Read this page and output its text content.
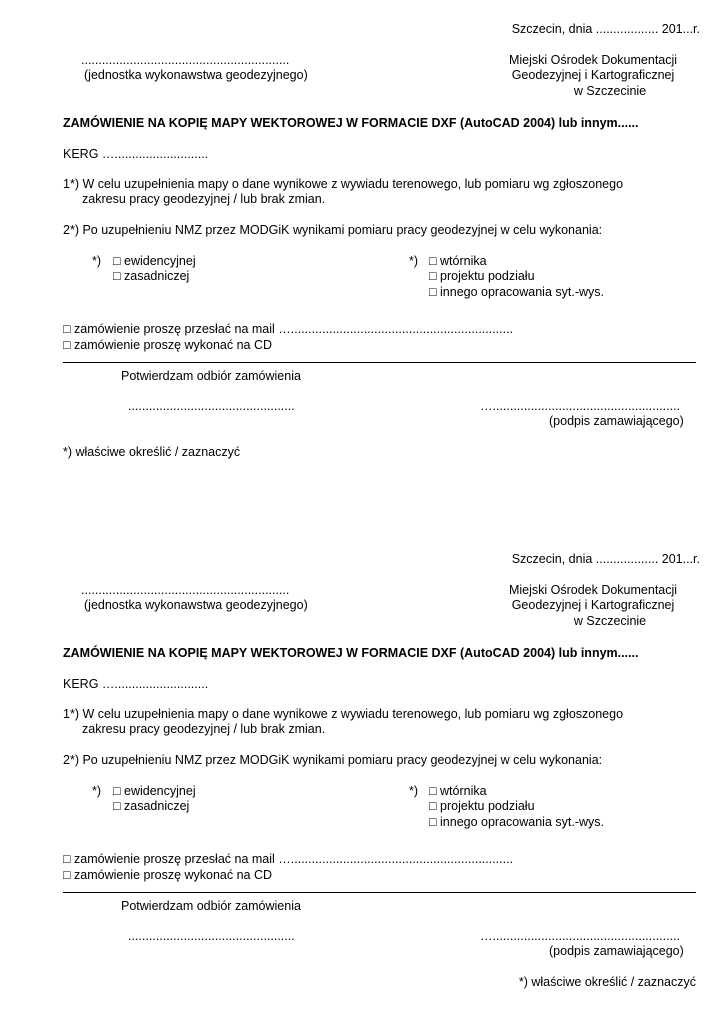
Szczecin, dnia .................. 201...r.
............................................................
(jednostka wykonawstwa geodezyjnego)
Miejski Ośrodek Dokumentacji
Geodezyjnej i Kartograficznej
w Szczecinie
ZAMÓWIENIE NA KOPIĘ MAPY WEKTOROWEJ W FORMACIE DXF (AutoCAD 2004) lub innym......
KERG …...........................
1*) W celu uzupełnienia mapy o dane wynikowe z wywiadu terenowego, lub pomiaru wg zgłoszonego
zakresu pracy geodezyjnej / lub brak zmian.
2*) Po uzupełnieniu NMZ przez MODGiK wynikami pomiaru pracy geodezyjnej w celu wykonania:
*) □ ewidencyjnej
□ zasadniczej
*) □ wtórnika
□ projektu podziału
□ innego opracowania syt.-wys.
□ zamówienie proszę przesłać na mail …................................................................
□ zamówienie proszę wykonać na CD
Potwierdzam odbiór zamówienia
................................................	…......................................................
(podpis zamawiającego)
*) właściwe określić / zaznaczyć
Szczecin, dnia .................. 201...r.
............................................................
(jednostka wykonawstwa geodezyjnego)
Miejski Ośrodek Dokumentacji
Geodezyjnej i Kartograficznej
w Szczecinie
ZAMÓWIENIE NA KOPIĘ MAPY WEKTOROWEJ W FORMACIE DXF (AutoCAD 2004) lub innym......
KERG …...........................
1*) W celu uzupełnienia mapy o dane wynikowe z wywiadu terenowego, lub pomiaru wg zgłoszonego
zakresu pracy geodezyjnej / lub brak zmian.
2*) Po uzupełnieniu NMZ przez MODGiK wynikami pomiaru pracy geodezyjnej w celu wykonania:
*) □ ewidencyjnej
□ zasadniczej
*) □ wtórnika
□ projektu podziału
□ innego opracowania syt.-wys.
□ zamówienie proszę przesłać na mail …................................................................
□ zamówienie proszę wykonać na CD
Potwierdzam odbiór zamówienia
................................................	…......................................................
(podpis zamawiającego)
*) właściwe określić / zaznaczyć
